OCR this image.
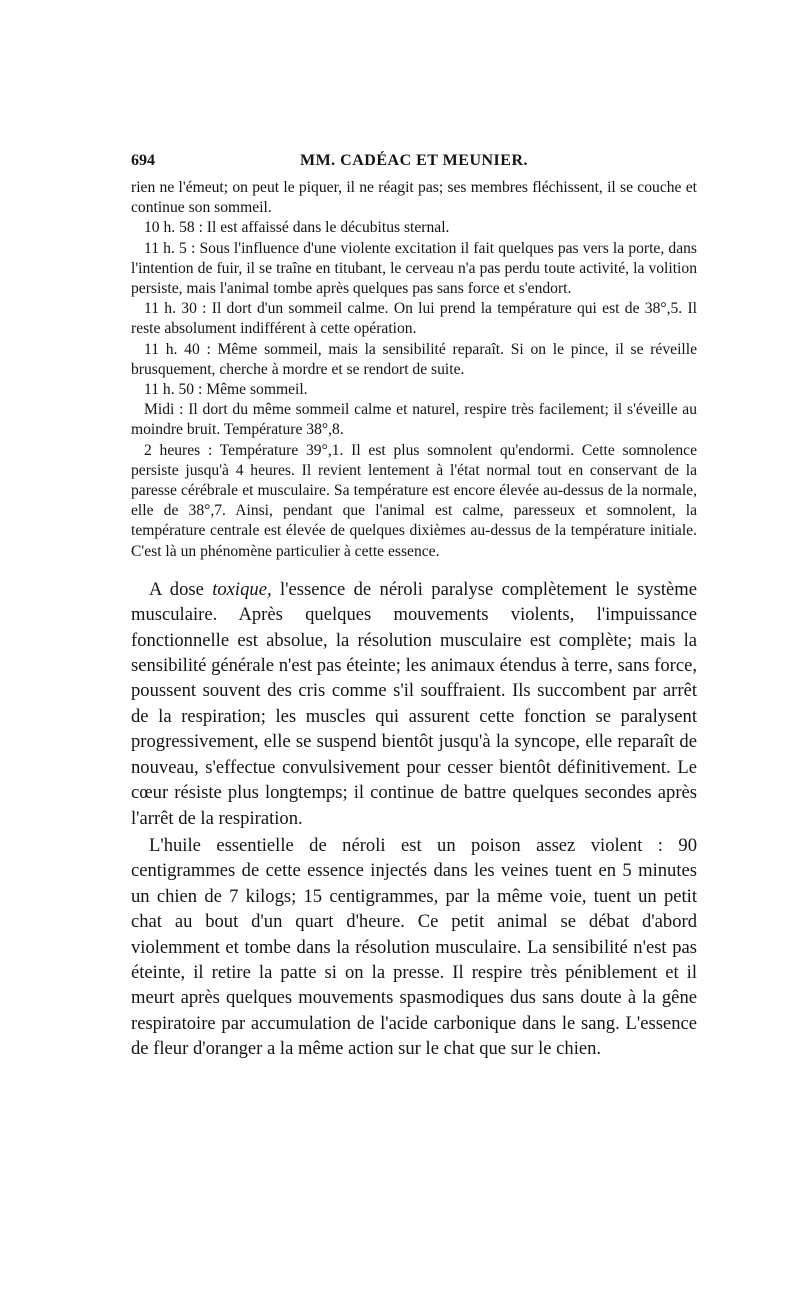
694	MM. CADÉAC ET MEUNIER.

rien ne l'émeut; on peut le piquer, il ne réagit pas; ses membres fléchissent, il se couche et continue son sommeil.

10 h. 58 : Il est affaissé dans le décubitus sternal.

11 h. 5 : Sous l'influence d'une violente excitation il fait quelques pas vers la porte, dans l'intention de fuir, il se traîne en titubant, le cerveau n'a pas perdu toute activité, la volition persiste, mais l'animal tombe après quelques pas sans force et s'endort.

11 h. 30 : Il dort d'un sommeil calme. On lui prend la température qui est de 38°,5. Il reste absolument indifférent à cette opération.

11 h. 40 : Même sommeil, mais la sensibilité reparaît. Si on le pince, il se réveille brusquement, cherche à mordre et se rendort de suite.

11 h. 50 : Même sommeil.

Midi : Il dort du même sommeil calme et naturel, respire très facilement; il s'éveille au moindre bruit. Température 38°,8.

2 heures : Température 39°,1. Il est plus somnolent qu'endormi. Cette somnolence persiste jusqu'à 4 heures. Il revient lentement à l'état normal tout en conservant de la paresse cérébrale et musculaire. Sa température est encore élevée au-dessus de la normale, elle de 38°,7. Ainsi, pendant que l'animal est calme, paresseux et somnolent, la température centrale est élevée de quelques dixièmes au-dessus de la température initiale. C'est là un phénomène particulier à cette essence.

A dose toxique, l'essence de néroli paralyse complètement le système musculaire. Après quelques mouvements violents, l'impuissance fonctionnelle est absolue, la résolution musculaire est complète; mais la sensibilité générale n'est pas éteinte; les animaux étendus à terre, sans force, poussent souvent des cris comme s'il souffraient. Ils succombent par arrêt de la respiration; les muscles qui assurent cette fonction se paralysent progressivement, elle se suspend bientôt jusqu'à la syncope, elle reparaît de nouveau, s'effectue convulsivement pour cesser bientôt définitivement. Le cœur résiste plus longtemps; il continue de battre quelques secondes après l'arrêt de la respiration.

L'huile essentielle de néroli est un poison assez violent : 90 centigrammes de cette essence injectés dans les veines tuent en 5 minutes un chien de 7 kilogs; 15 centigrammes, par la même voie, tuent un petit chat au bout d'un quart d'heure. Ce petit animal se débat d'abord violemment et tombe dans la résolution musculaire. La sensibilité n'est pas éteinte, il retire la patte si on la presse. Il respire très péniblement et il meurt après quelques mouvements spasmodiques dus sans doute à la gêne respiratoire par accumulation de l'acide carbonique dans le sang. L'essence de fleur d'oranger a la même action sur le chat que sur le chien.
